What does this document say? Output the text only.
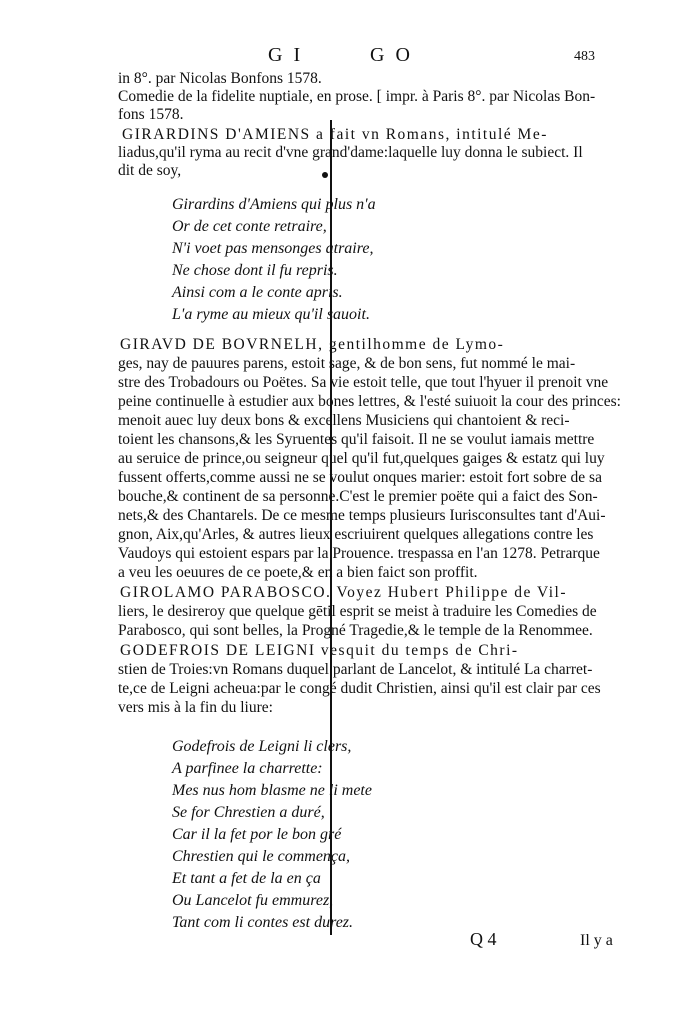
G I	G O	483
in 8°. par Nicolas Bonfons 1578.
Comedie de la fidelite nuptiale, en prose. [ impr. à Paris 8°. par Nicolas Bon-
fons 1578.
GIRARDINS D'AMIENS a fait vn Romans, intitulé Me-
liadus,qu'il ryma au recit d'vne grand'dame:laquelle luy donna le subiect. Il
dit de soy,
Girardins d'Amiens qui plus n'a
Or de cet conte retraire,
N'i voet pas mensonges atraire,
Ne chose dont il fu repris.
Ainsi com a le conte apris.
L'a ryme au mieux qu'il sauoit.
GIRAVD DE BOVRNELH, gentilhomme de Lymo-
ges, nay de pauures parens, estoit sage, & de bon sens, fut nommé le mai-
stre des Trobadours ou Poëtes. Sa vie estoit telle, que tout l'hyuer il prenoit vne
peine continuelle à estudier aux bones lettres, & l'esté suiuoit la cour des princes:
menoit auec luy deux bons & excellens Musiciens qui chantoient & reci-
toient les chansons,& les Syruentes qu'il faisoit. Il ne se voulut iamais mettre
au seruice de prince,ou seigneur quel qu'il fut,quelques gaiges & estatz qui luy
fussent offerts,comme aussi ne se voulut onques marier: estoit fort sobre de sa
bouche,& continent de sa personne.C'est le premier poëte qui a faict des Son-
nets,& des Chantarels. De ce mesme temps plusieurs Iurisconsultes tant d'Aui-
gnon, Aix,qu'Arles, & autres lieux escriuirent quelques allegations contre les
Vaudoys qui estoient espars par la Prouence. trespassa en l'an 1278. Petrarque
a veu les oeuures de ce poete,& en a bien faict son proffit.
GIROLAMO PARABOSCO. Voyez Hubert Philippe de Vil-
liers, le desireroy que quelque gētil esprit se meist à traduire les Comedies de
Parabosco, qui sont belles, la Progné Tragedie,& le temple de la Renommee.
GODEFROIS DE LEIGNI vesquit du temps de Chri-
stien de Troies:vn Romans duquel parlant de Lancelot, & intitulé La charret-
te,ce de Leigni acheua:par le congé dudit Christien, ainsi qu'il est clair par ces
vers mis à la fin du liure:
Godefrois de Leigni li clers,
A parfinee la charrette:
Mes nus hom blasme ne li mete
Se for Chrestien a duré,
Car il la fet por le bon gré
Chrestien qui le commença,
Et tant a fet de la en ça
Ou Lancelot fu emmurez,
Tant com li contes est durez.
Q 4	Il y a
